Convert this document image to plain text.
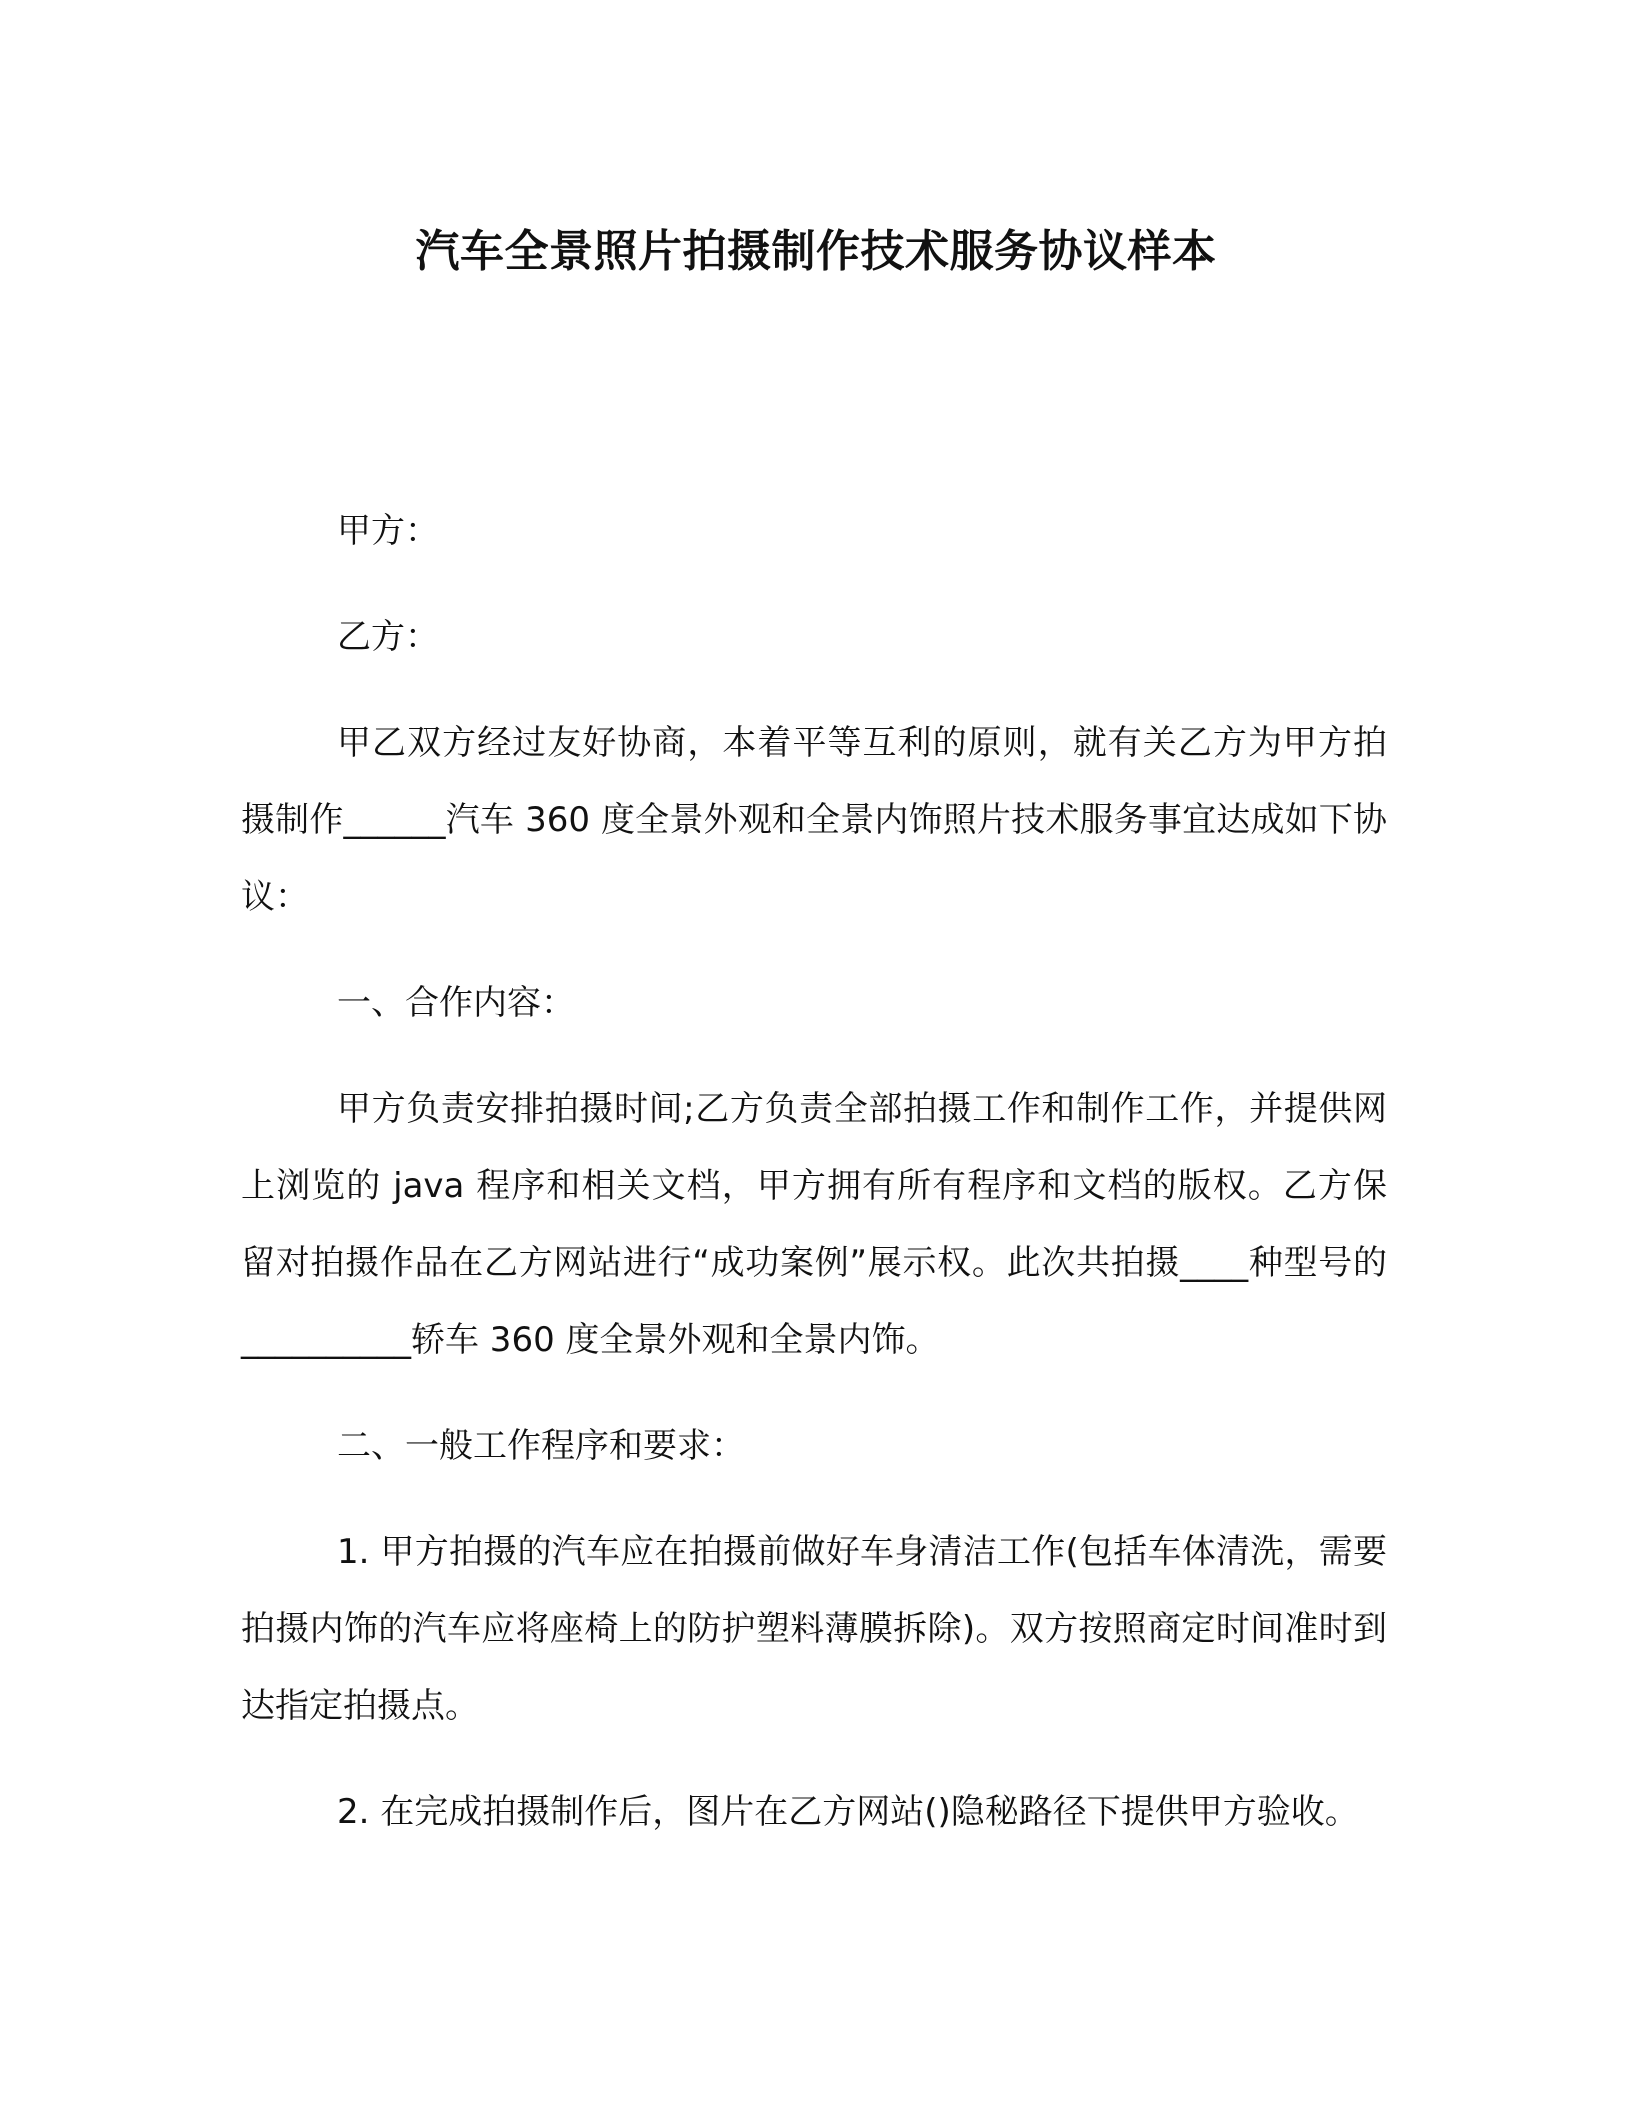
汽车全景照片拍摄制作技术服务协议样本

甲方：

乙方：

甲乙双方经过友好协商，本着平等互利的原则，就有关乙方为甲方拍摄制作______汽车 360 度全景外观和全景内饰照片技术服务事宜达成如下协议：

一、合作内容：

甲方负责安排拍摄时间;乙方负责全部拍摄工作和制作工作，并提供网上浏览的 java 程序和相关文档，甲方拥有所有程序和文档的版权。乙方保留对拍摄作品在乙方网站进行“成功案例”展示权。此次共拍摄____种型号的__________轿车 360 度全景外观和全景内饰。

二、一般工作程序和要求：

1. 甲方拍摄的汽车应在拍摄前做好车身清洁工作(包括车体清洗，需要拍摄内饰的汽车应将座椅上的防护塑料薄膜拆除)。双方按照商定时间准时到达指定拍摄点。

2. 在完成拍摄制作后，图片在乙方网站()隐秘路径下提供甲方验收。
